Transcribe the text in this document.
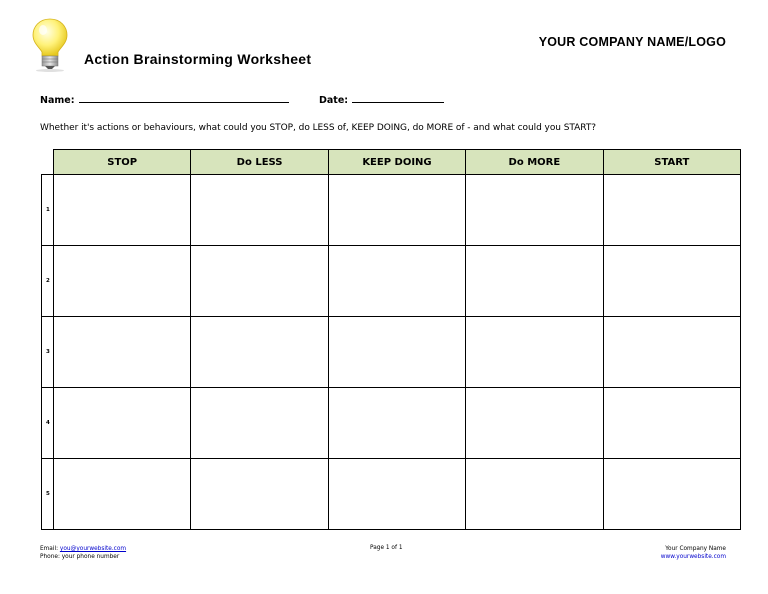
Action Brainstorming Worksheet
YOUR COMPANY NAME/LOGO
Name:	Date:
Whether it's actions or behaviours, what could you STOP, do LESS of, KEEP DOING, do MORE of - and what could you START?
	STOP	Do LESS	KEEP DOING	Do MORE	START
1					
2					
3					
4					
5					
Email: you@yourwebsite.com
Phone: your phone number
Page 1 of 1	Your Company Name
www.yourwebsite.com
